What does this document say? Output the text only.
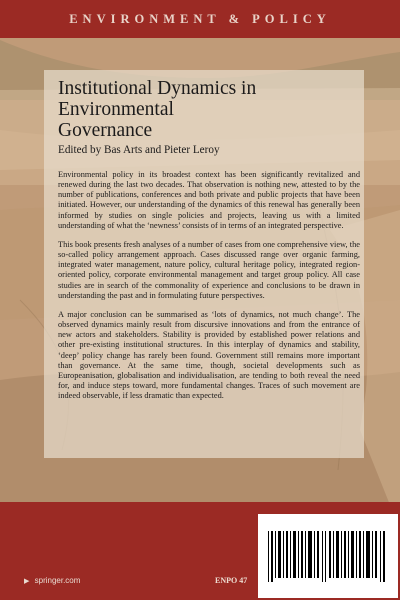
ENVIRONMENT & POLICY
Institutional Dynamics in Environmental
Governance
Edited by Bas Arts and Pieter Leroy

Environmental policy in its broadest context has been significantly revitalized and renewed during the last two decades. That observation is nothing new, attested to by the number of publications, conferences and both private and public projects that have been initiated. However, our understanding of the dynamics of this renewal has generally been informed by studies on single policies and projects, leaving us with a limited understanding of what the ‘newness’ consists of in terms of an integrated perspective.

This book presents fresh analyses of a number of cases from one comprehensive view, the so-called policy arrangement approach. Cases discussed range over organic farming, integrated water management, nature policy, cultural heritage policy, integrated region-oriented policy, corporate environmental management and target group policy. All case studies are in search of the commonality of experience and conclusions to be drawn in understanding the past and in formulating future perspectives.

A major conclusion can be summarised as ‘lots of dynamics, not much change’. The observed dynamics mainly result from discursive innovations and from the entrance of new actors and stakeholders. Stability is provided by established power relations and other pre-existing institutional structures. In this interplay of dynamics and stability, ‘deep’ policy change has rarely been found. Government still remains more important than governance. At the same time, though, societal developments such as Europeanisation, globalisation and individualisation, are tending to both reveal the need for, and induce steps toward, more fundamental changes. Traces of such movement are indeed observable, if less dramatic than expected.

▶ springer.com	ENPO 47
